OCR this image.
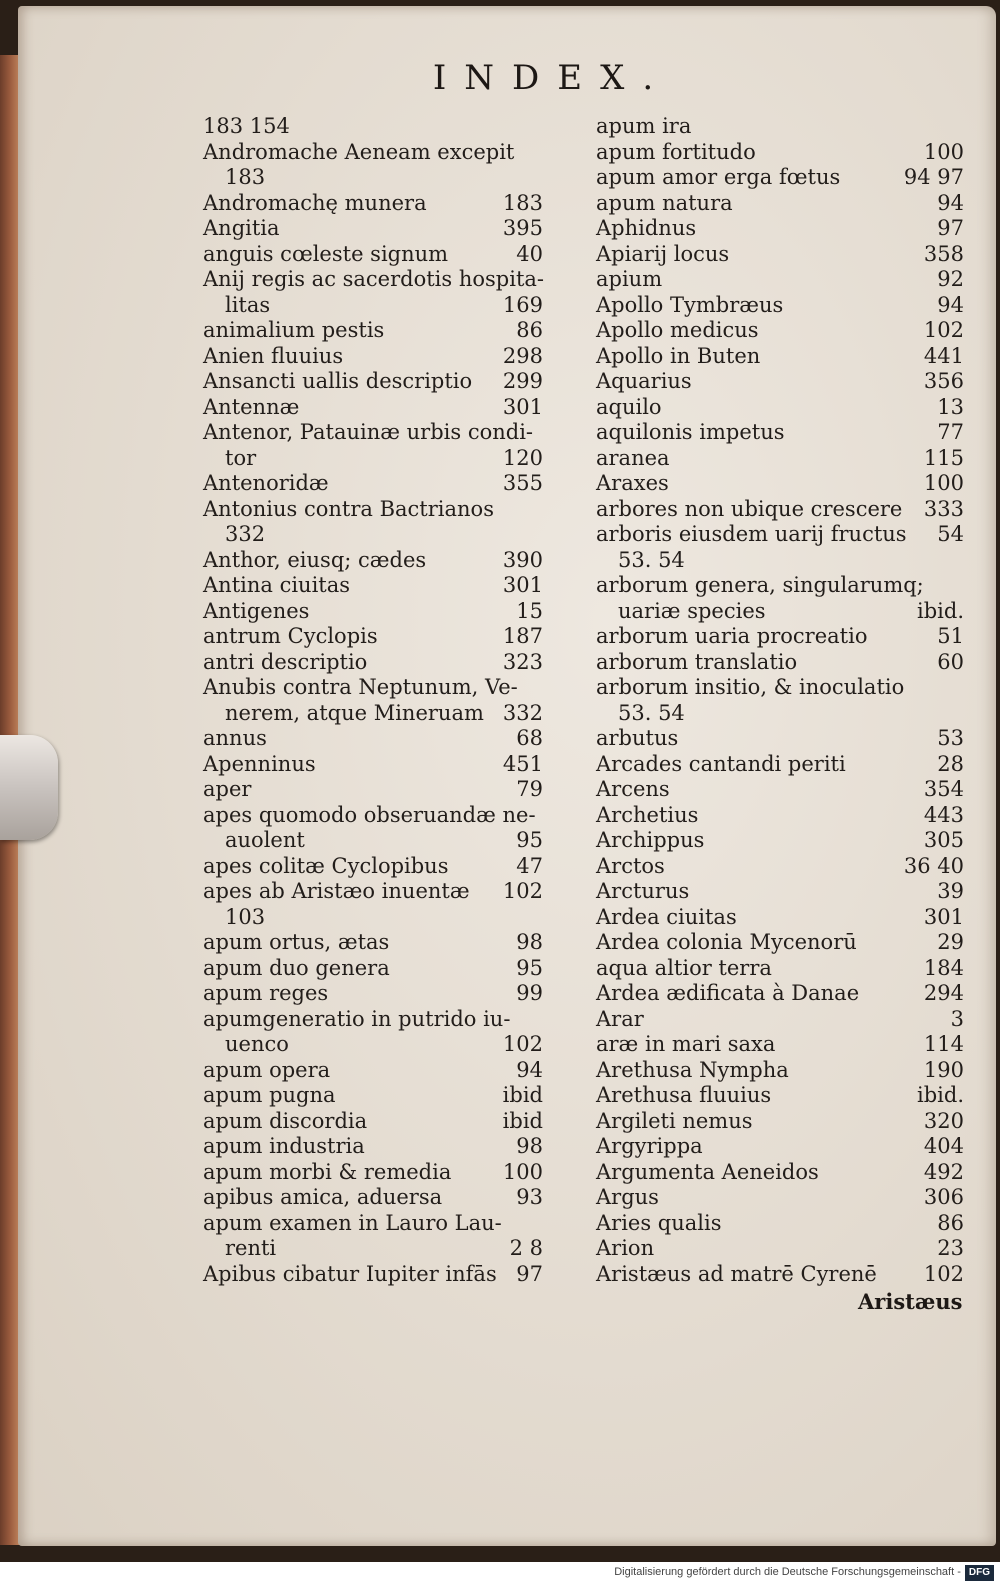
INDEX.
183 154
Andromache Aeneam excepit
183
Andromachę munera	183
Angitia	395
anguis cœleste signum	40
Anij regis ac sacerdotis hospita-
litas	169
animalium pestis	86
Anien fluuius	298
Ansancti uallis descriptio 299
Antennæ	301
Antenor, Patauinæ urbis condi-
tor	120
Antenoridæ	355
Antonius contra Bactrianos
332
Anthor, eiusq; cædes	390
Antina ciuitas	301
Antigenes	15
antrum Cyclopis	187
antri descriptio	323
Anubis contra Neptunum, Ve-
nerem, atque Mineruam 332
annus	68
Apenninus	451
aper	79
apes quomodo obseruandæ ne-
auolent	95
apes colitæ Cyclopibus	47
apes ab Aristæo inuentæ 102
103
apum ortus, ætas	98
apum duo genera	95
apum reges	99
apumgeneratio in putrido iu-
uenco	102
apum opera	94
apum pugna	ibid
apum discordia	ibid
apum industria	98
apum morbi & remedia 100
apibus amica, aduersa	93
apum examen in Lauro Lau-
renti	2 8
Apibus cibatur Iupiter infās 97
apum ira
apum fortitudo	100
apum amor erga fœtus	94 97
apum natura	94
Aphidnus	97
Apiarij locus	358
apium	92
Apollo Tymbræus	94
Apollo medicus	102
Apollo in Buten	441
Aquarius	356
aquilo	13
aquilonis impetus	77
aranea	115
Araxes	100
arbores non ubique crescere 333
arboris eiusdem uarij fructus 54
53. 54
arborum genera, singularumq;
uariæ species	ibid.
arborum uaria procreatio	51
arborum translatio	60
arborum insitio, & inoculatio
53. 54
arbutus	53
Arcades cantandi periti	28
Arcens	354
Archetius	443
Archippus	305
Arctos	36 40
Arcturus	39
Ardea ciuitas	301
Ardea colonia Mycenorū	29
aqua altior terra	184
Ardea ædificata à Danae	294
Arar	3
aræ in mari saxa	114
Arethusa Nympha	190
Arethusa fluuius	ibid.
Argileti nemus	320
Argyrippa	404
Argumenta Aeneidos	492
Argus	306
Aries qualis	86
Arion	23
Aristæus ad matrē Cyrenē 102
Aristæus
Digitalisierung gefördert durch die Deutsche Forschungsgemeinschaft - DFG
